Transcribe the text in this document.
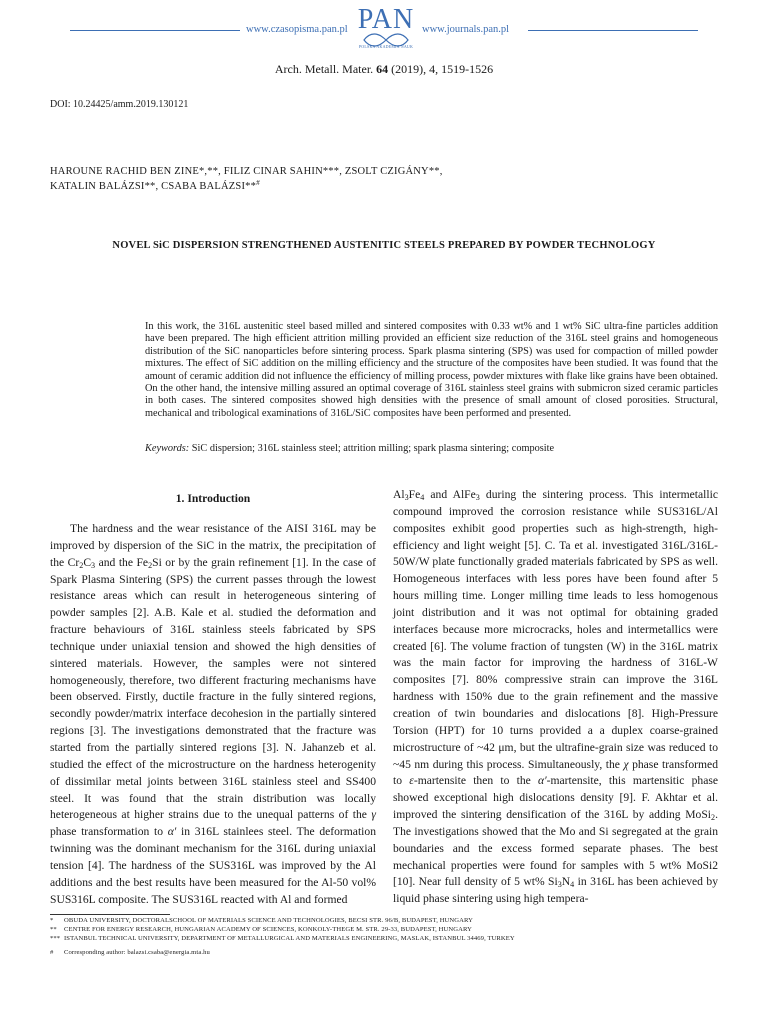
www.czasopisma.pan.pl PAN
POLSKA AKADEMIA NAUK
www.journals.pan.pl
Arch. Metall. Mater. 64 (2019), 4, 1519-1526
DOI: 10.24425/amm.2019.130121
HAROUNE RACHID BEN ZINE*,**, FILIZ CINAR SAHIN***, ZSOLT CZIGÁNY**,
KATALIN BALÁZSI**, CSABA BALÁZSI**#
NOVEL SiC DISPERSION STRENGTHENED AUSTENITIC STEELS PREPARED BY POWDER TECHNOLOGY
In this work, the 316L austenitic steel based milled and sintered composites with 0.33 wt% and 1 wt% SiC ultra-fine particles addition have been prepared. The high efficient attrition milling provided an efficient size reduction of the 316L steel grains and homogeneous distribution of the SiC nanoparticles before sintering process. Spark plasma sintering (SPS) was used for compaction of milled powder mixtures. The effect of SiC addition on the milling efficiency and the structure of the composites have been studied. It was found that the amount of ceramic addition did not influence the efficiency of milling process, powder mixtures with flake like grains have been obtained. On the other hand, the intensive milling assured an optimal coverage of 316L stainless steel grains with submicron sized ceramic particles in both cases. The sintered composites showed high densities with the presence of small amount of closed porosities. Structural, mechanical and tribological examinations of 316L/SiC composites have been performed and presented.
Keywords: SiC dispersion; 316L stainless steel; attrition milling; spark plasma sintering; composite
1. Introduction
The hardness and the wear resistance of the AISI 316L may be improved by dispersion of the SiC in the matrix, the precipitation of the $Cr_2C_3$ and the $Fe_2Si$ or by the grain refinement [1]. In the case of Spark Plasma Sintering (SPS) the current passes through the lowest resistance areas which can result in heterogeneous sintering of powder samples [2]. A.B. Kale et al. studied the deformation and fracture behaviours of 316L stainless steels fabricated by SPS technique under uniaxial tension and showed the high densities of sintered materials. However, the samples were not sintered homogeneously, therefore, two different fracturing mechanisms have been observed. Firstly, ductile fracture in the fully sintered regions, secondly powder/matrix interface decohesion in the partially sintered regions [3]. The investigations demonstrated that the fracture was started from the partially sintered regions [3]. N. Jahanzeb et al. studied the effect of the microstructure on the hardness heterogenity of dissimilar metal joints between 316L stainless steel and SS400 steel. It was found that the strain distribution was locally heterogeneous at higher strains due to the unequal patterns of the γ phase transformation to α′ in 316L stainlees steel. The deformation twinning was the dominant mechanism for the 316L during uniaxial tension [4]. The hardness of the SUS316L was improved by the Al additions and the best results have been measured for the Al-50 vol% SUS316L composite. The SUS316L reacted with Al and formed
$Al_3Fe_4$ and AlFe$_3$ during the sintering process. This intermetallic compound improved the corrosion resistance while SUS316L/Al composites exhibit good properties such as high-strength, high-efficiency and light weight [5]. C. Ta et al. investigated 316L/316L-50W/W plate functionally graded materials fabricated by SPS as well. Homogeneous interfaces with less pores have been found after 5 hours milling time. Longer milling time leads to less homogenous joint distribution and it was not optimal for obtaining graded interfaces because more microcracks, holes and intermetallics were created [6]. The volume fraction of tungsten (W) in the 316L matrix was the main factor for improving the hardness of 316L-W composites [7]. 80% compressive strain can improve the 316L hardness with 150% due to the grain refinement and the massive creation of twin boundaries and dislocations [8]. High-Pressure Torsion (HPT) for 10 turns provided a a duplex coarse-grained microstructure of ~42 μm, but the ultrafine-grain size was reduced to ~45 nm during this process. Simultaneously, the χ phase transformed to ε-martensite then to the α′-martensite, this martensitic phase showed exceptional high dislocations density [9]. F. Akhtar et al. improved the sintering densification of the 316L by adding MoSi$_2$. The investigations showed that the Mo and Si segregated at the grain boundaries and the excess formed separate phases. The best mechanical properties were found for samples with 5 wt% MoSi2 [10]. Near full density of 5 wt% $Si_3N_4$ in 316L has been achieved by liquid phase sintering using high tempera-
* OBUDA UNIVERSITY, DOCTORALSCHOOL OF MATERIALS SCIENCE AND TECHNOLOGIES, BECSI STR. 96/B, BUDAPEST, HUNGARY
** CENTRE FOR ENERGY RESEARCH, HUNGARIAN ACADEMY OF SCIENCES, KONKOLY-THEGE M. STR. 29-33, BUDAPEST, HUNGARY
*** ISTANBUL TECHNICAL UNIVERSITY, DEPARTMENT OF METALLURGICAL AND MATERIALS ENGINEERING, MASLAK, ISTANBUL 34469, TURKEY
# Corresponding author: balazsi.csaba@energia.mta.hu
